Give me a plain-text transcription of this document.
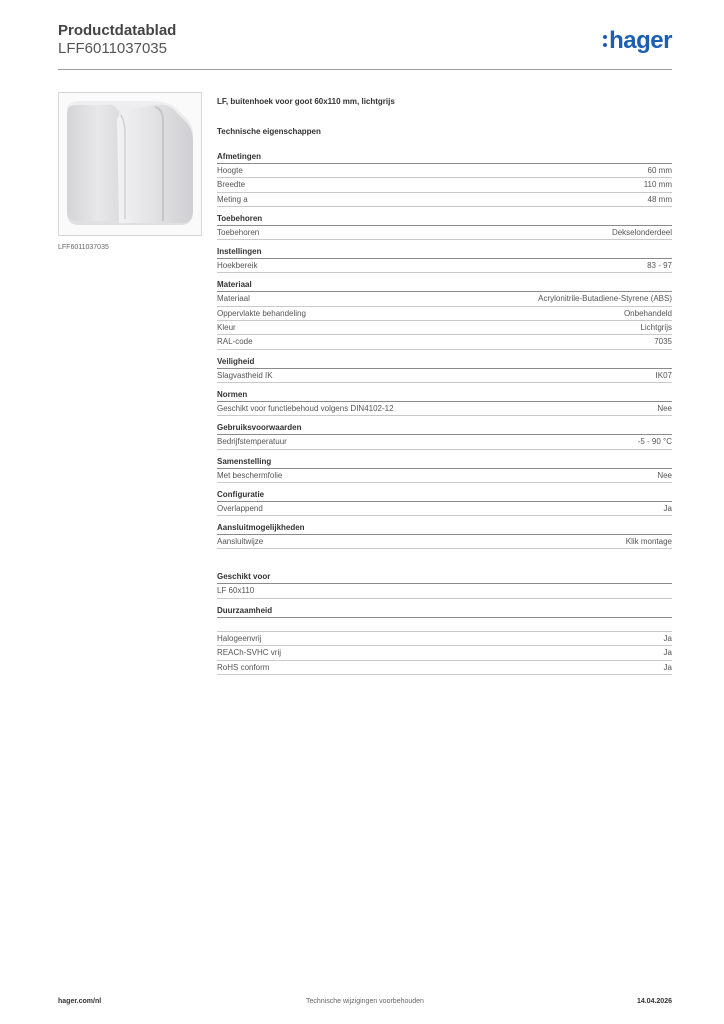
Productdatablad
LFF6011037035	hager
LFF6011037035
LF, buitenhoek voor goot 60x110 mm, lichtgrijs
Technische eigenschappen
Afmetingen
Hoogte	60 mm
Breedte	110 mm
Meting a	48 mm
Toebehoren
Toebehoren	Dekselonderdeel
Instellingen
Hoekbereik	83 - 97
Materiaal
Materiaal	Acrylonitrile-Butadiene-Styrene (ABS)
Oppervlakte behandeling	Onbehandeld
Kleur	Lichtgrijs
RAL-code	7035
Veiligheid
Slagvastheid IK	IK07
Normen
Geschikt voor functiebehoud volgens DIN4102-12	Nee
Gebruiksvoorwaarden
Bedrijfstemperatuur	-5 - 90 °C
Samenstelling
Met beschermfolie	Nee
Configuratie
Overlappend	Ja
Aansluitmogelijkheden
Aansluitwijze	Klik montage
Geschikt voor
LF 60x110
Duurzaamheid
Halogeenvrij	Ja
REACh-SVHC vrij	Ja
RoHS conform	Ja
hager.com/nl	Technische wijzigingen voorbehouden	14.04.2026
